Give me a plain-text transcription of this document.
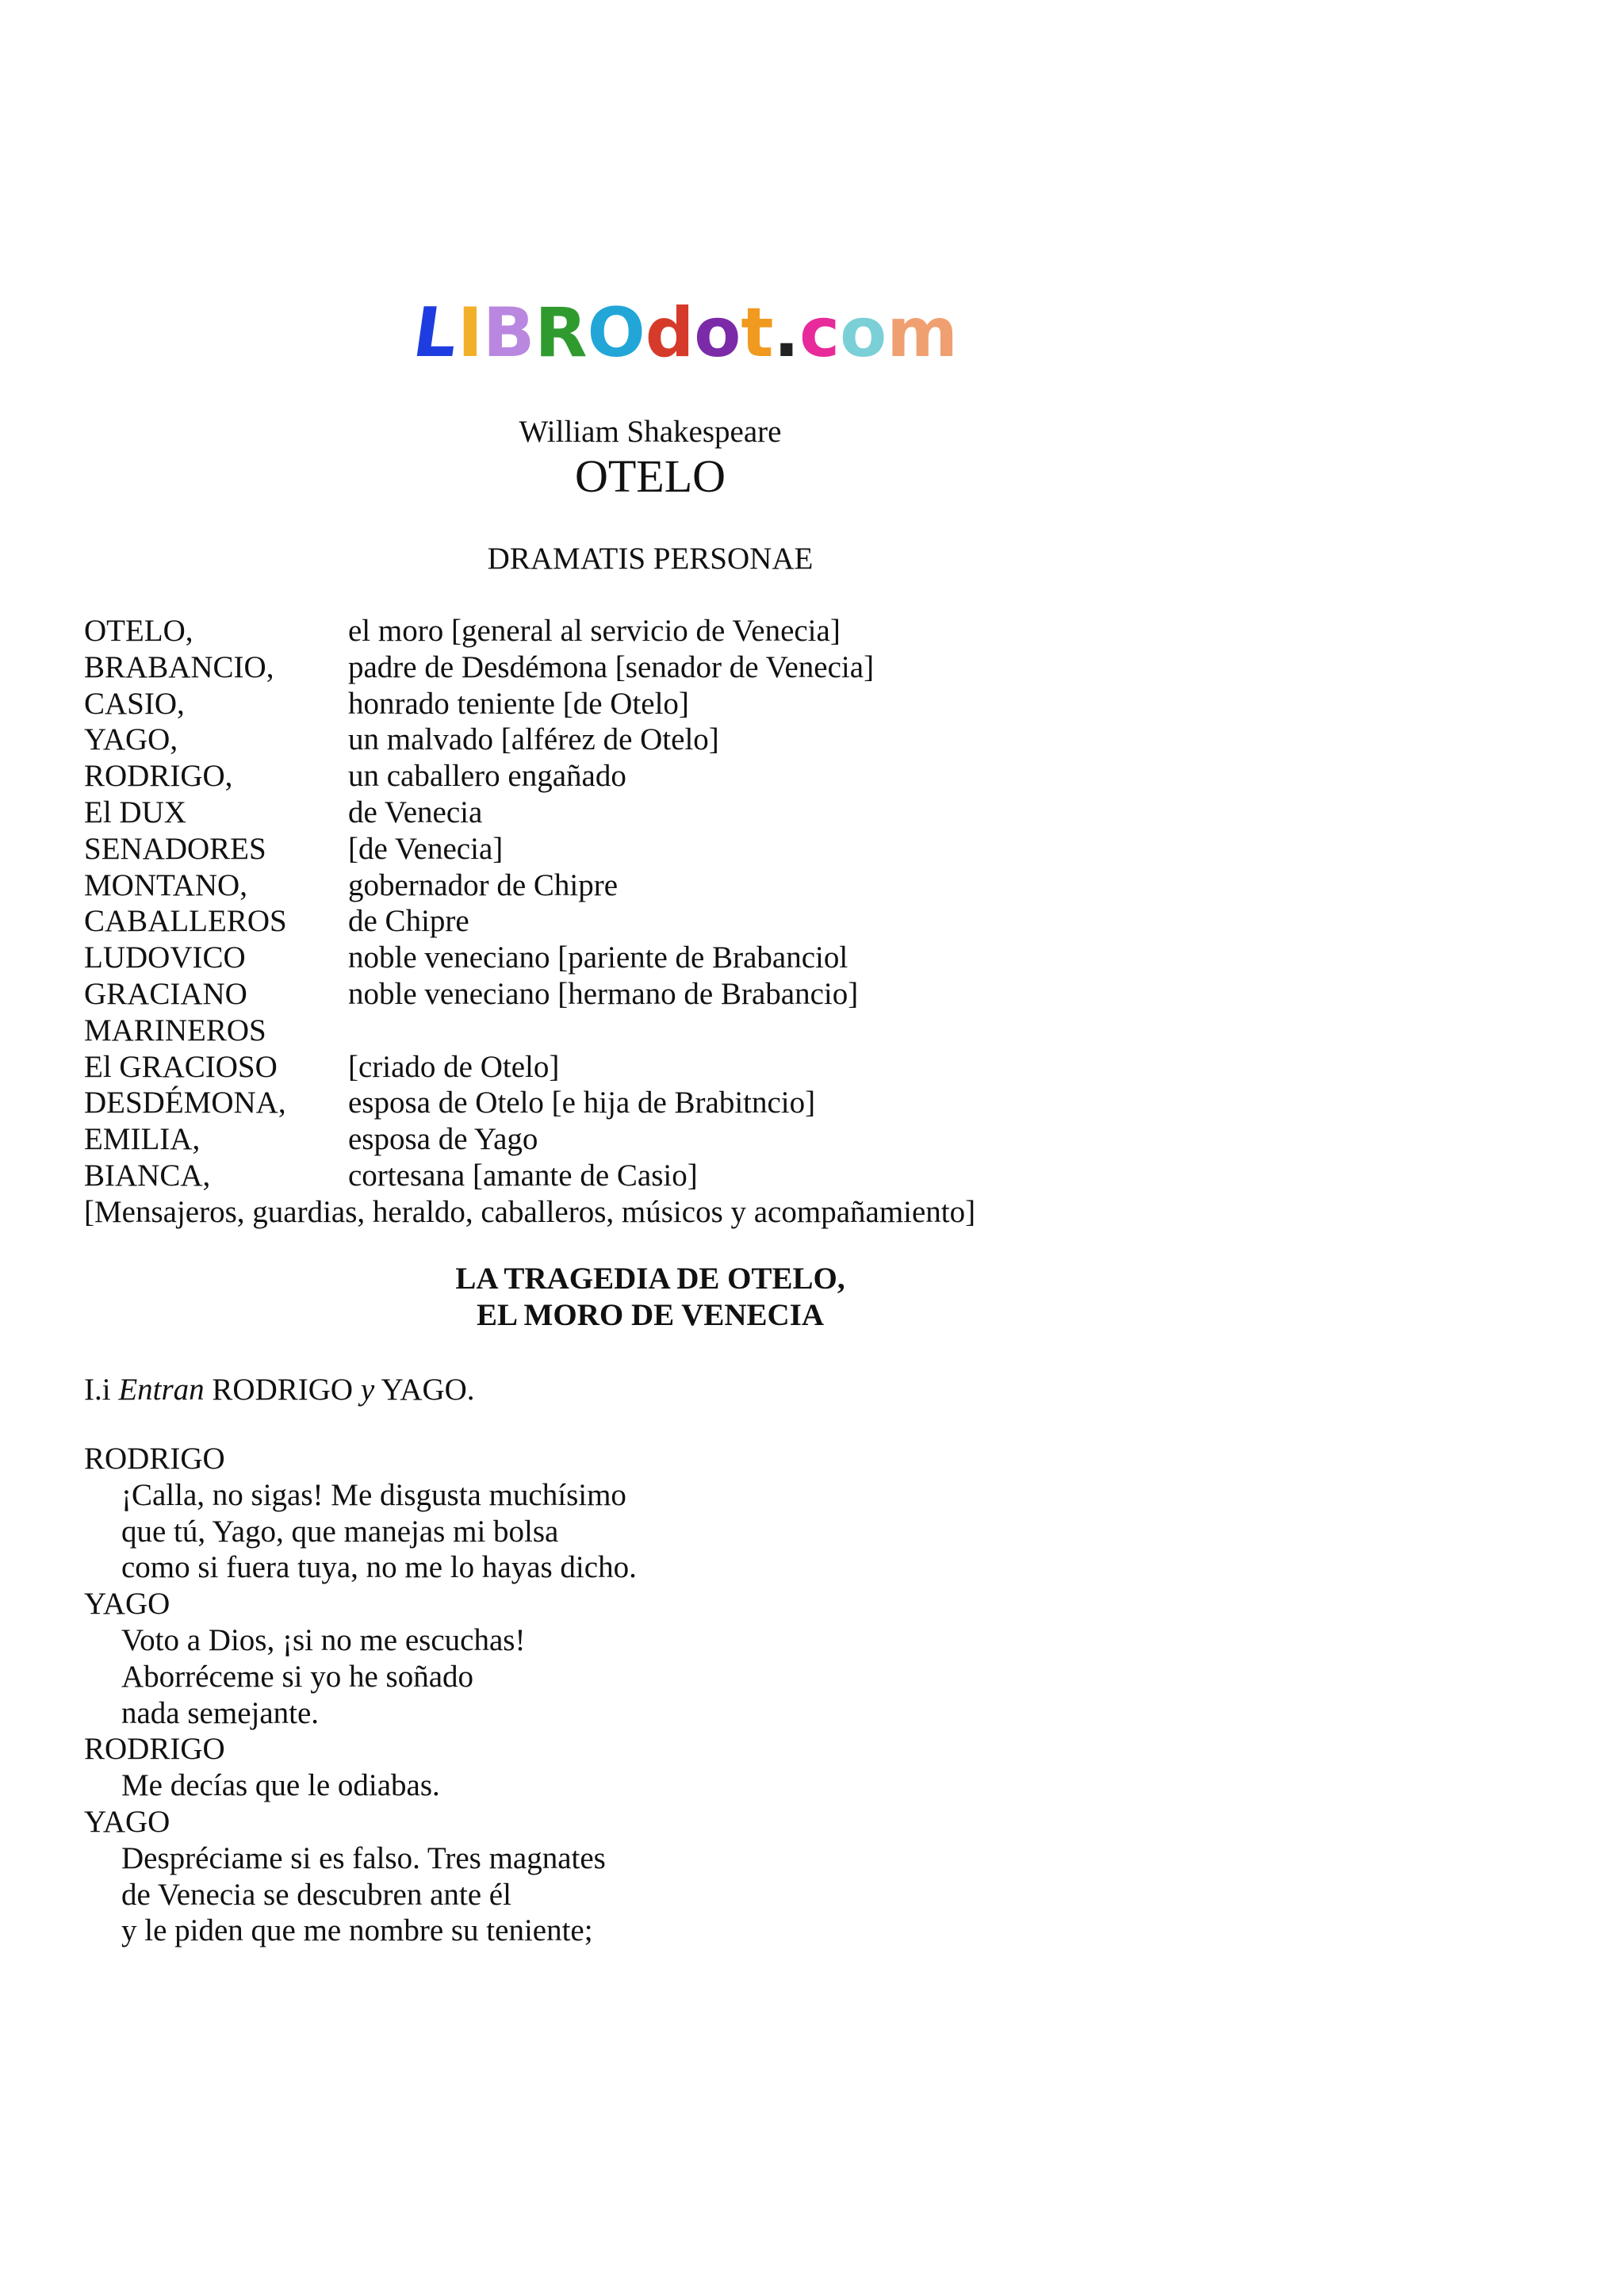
LIBROdot.com
William Shakespeare
OTELO
DRAMATIS PERSONAE
OTELO,	el moro [general al servicio de Venecia]
BRABANCIO, padre de Desdémona [senador de Venecia]
CASIO,	honrado teniente [de Otelo]
YAGO,	un malvado [alférez de Otelo]
RODRIGO,	un caballero engañado
El DUX	de Venecia
SENADORES	[de Venecia]
MONTANO,	gobernador de Chipre
CABALLEROS de Chipre
LUDOVICO	noble veneciano [pariente de Brabanciol
GRACIANO	noble veneciano [hermano de Brabancio]
MARINEROS
El GRACIOSO [criado de Otelo]
DESDÉMONA, esposa de Otelo [e hija de Brabitncio]
EMILIA,	esposa de Yago
BIANCA,	cortesana [amante de Casio]
[Mensajeros, guardias, heraldo, caballeros, músicos y acompañamiento]
LA TRAGEDIA DE OTELO,
EL MORO DE VENECIA
I.i Entran RODRIGO y YAGO.
RODRIGO
¡Calla, no sigas! Me disgusta muchísimo
que tú, Yago, que manejas mi bolsa
como si fuera tuya, no me lo hayas dicho.
YAGO
Voto a Dios, ¡si no me escuchas!
Aborréceme si yo he soñado
nada semejante.
RODRIGO
Me decías que le odiabas.
YAGO
Despréciame si es falso. Tres magnates
de Venecia se descubren ante él
y le piden que me nombre su teniente;
